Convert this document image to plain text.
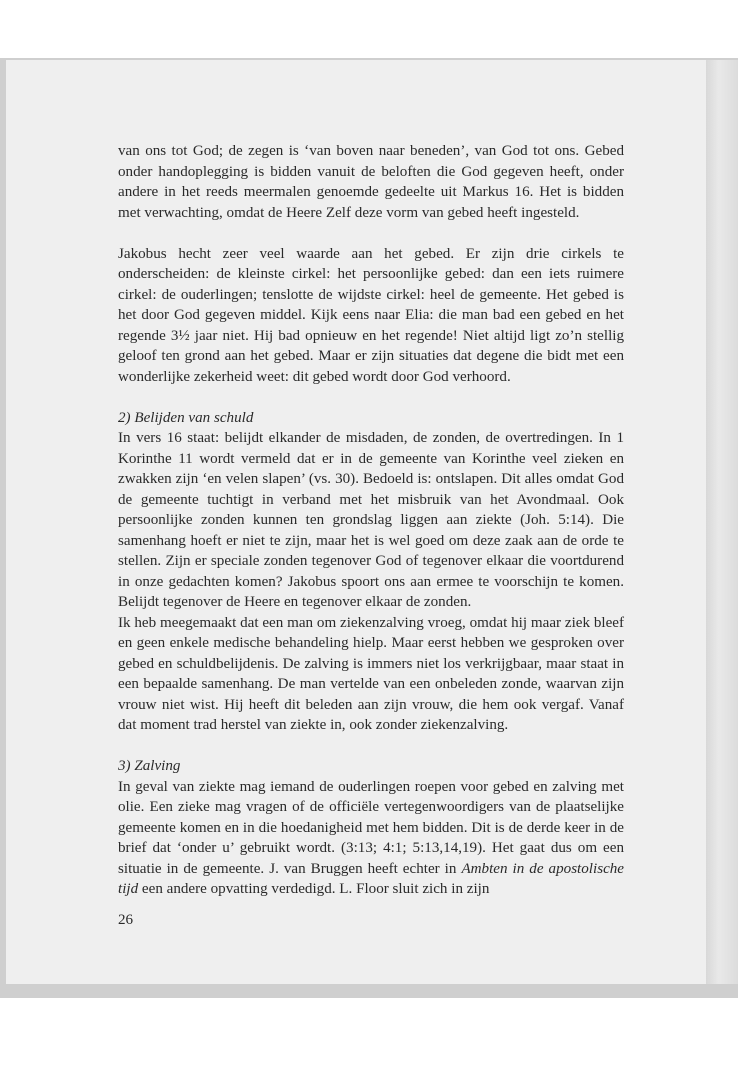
van ons tot God; de zegen is ‘van boven naar beneden’, van God tot ons. Gebed onder handoplegging is bidden vanuit de beloften die God gegeven heeft, onder andere in het reeds meermalen genoemde gedeelte uit Markus 16. Het is bidden met verwachting, omdat de Heere Zelf deze vorm van gebed heeft ingesteld.

Jakobus hecht zeer veel waarde aan het gebed. Er zijn drie cirkels te onderscheiden: de kleinste cirkel: het persoonlijke gebed: dan een iets ruimere cirkel: de ouderlingen; tenslotte de wijdste cirkel: heel de gemeente. Het gebed is het door God gegeven middel. Kijk eens naar Elia: die man bad een gebed en het regende 3½ jaar niet. Hij bad opnieuw en het regende! Niet altijd ligt zo’n stellig geloof ten grond aan het gebed. Maar er zijn situaties dat degene die bidt met een wonderlijke zekerheid weet: dit gebed wordt door God verhoord.

2) Belijden van schuld

In vers 16 staat: belijdt elkander de misdaden, de zonden, de overtredingen. In 1 Korinthe 11 wordt vermeld dat er in de gemeente van Korinthe veel zieken en zwakken zijn ‘en velen slapen’ (vs. 30). Bedoeld is: ontslapen. Dit alles omdat God de gemeente tuchtigt in verband met het misbruik van het Avondmaal. Ook persoonlijke zonden kunnen ten grondslag liggen aan ziekte (Joh. 5:14). Die samenhang hoeft er niet te zijn, maar het is wel goed om deze zaak aan de orde te stellen. Zijn er speciale zonden tegenover God of tegenover elkaar die voortdurend in onze gedachten komen? Jakobus spoort ons aan ermee te voorschijn te komen. Belijdt tegenover de Heere en tegenover elkaar de zonden.

Ik heb meegemaakt dat een man om ziekenzalving vroeg, omdat hij maar ziek bleef en geen enkele medische behandeling hielp. Maar eerst hebben we gesproken over gebed en schuldbelijdenis. De zalving is immers niet los verkrijgbaar, maar staat in een bepaalde samenhang. De man vertelde van een onbeleden zonde, waarvan zijn vrouw niet wist. Hij heeft dit beleden aan zijn vrouw, die hem ook vergaf. Vanaf dat moment trad herstel van ziekte in, ook zonder ziekenzalving.

3) Zalving

In geval van ziekte mag iemand de ouderlingen roepen voor gebed en zalving met olie. Een zieke mag vragen of de officiële vertegenwoordigers van de plaatselijke gemeente komen en in die hoedanigheid met hem bidden. Dit is de derde keer in de brief dat ‘onder u’ gebruikt wordt. (3:13; 4:1; 5:13,14,19). Het gaat dus om een situatie in de gemeente. J. van Bruggen heeft echter in Ambten in de apostolische tijd een andere opvatting verdedigd. L. Floor sluit zich in zijn

26
